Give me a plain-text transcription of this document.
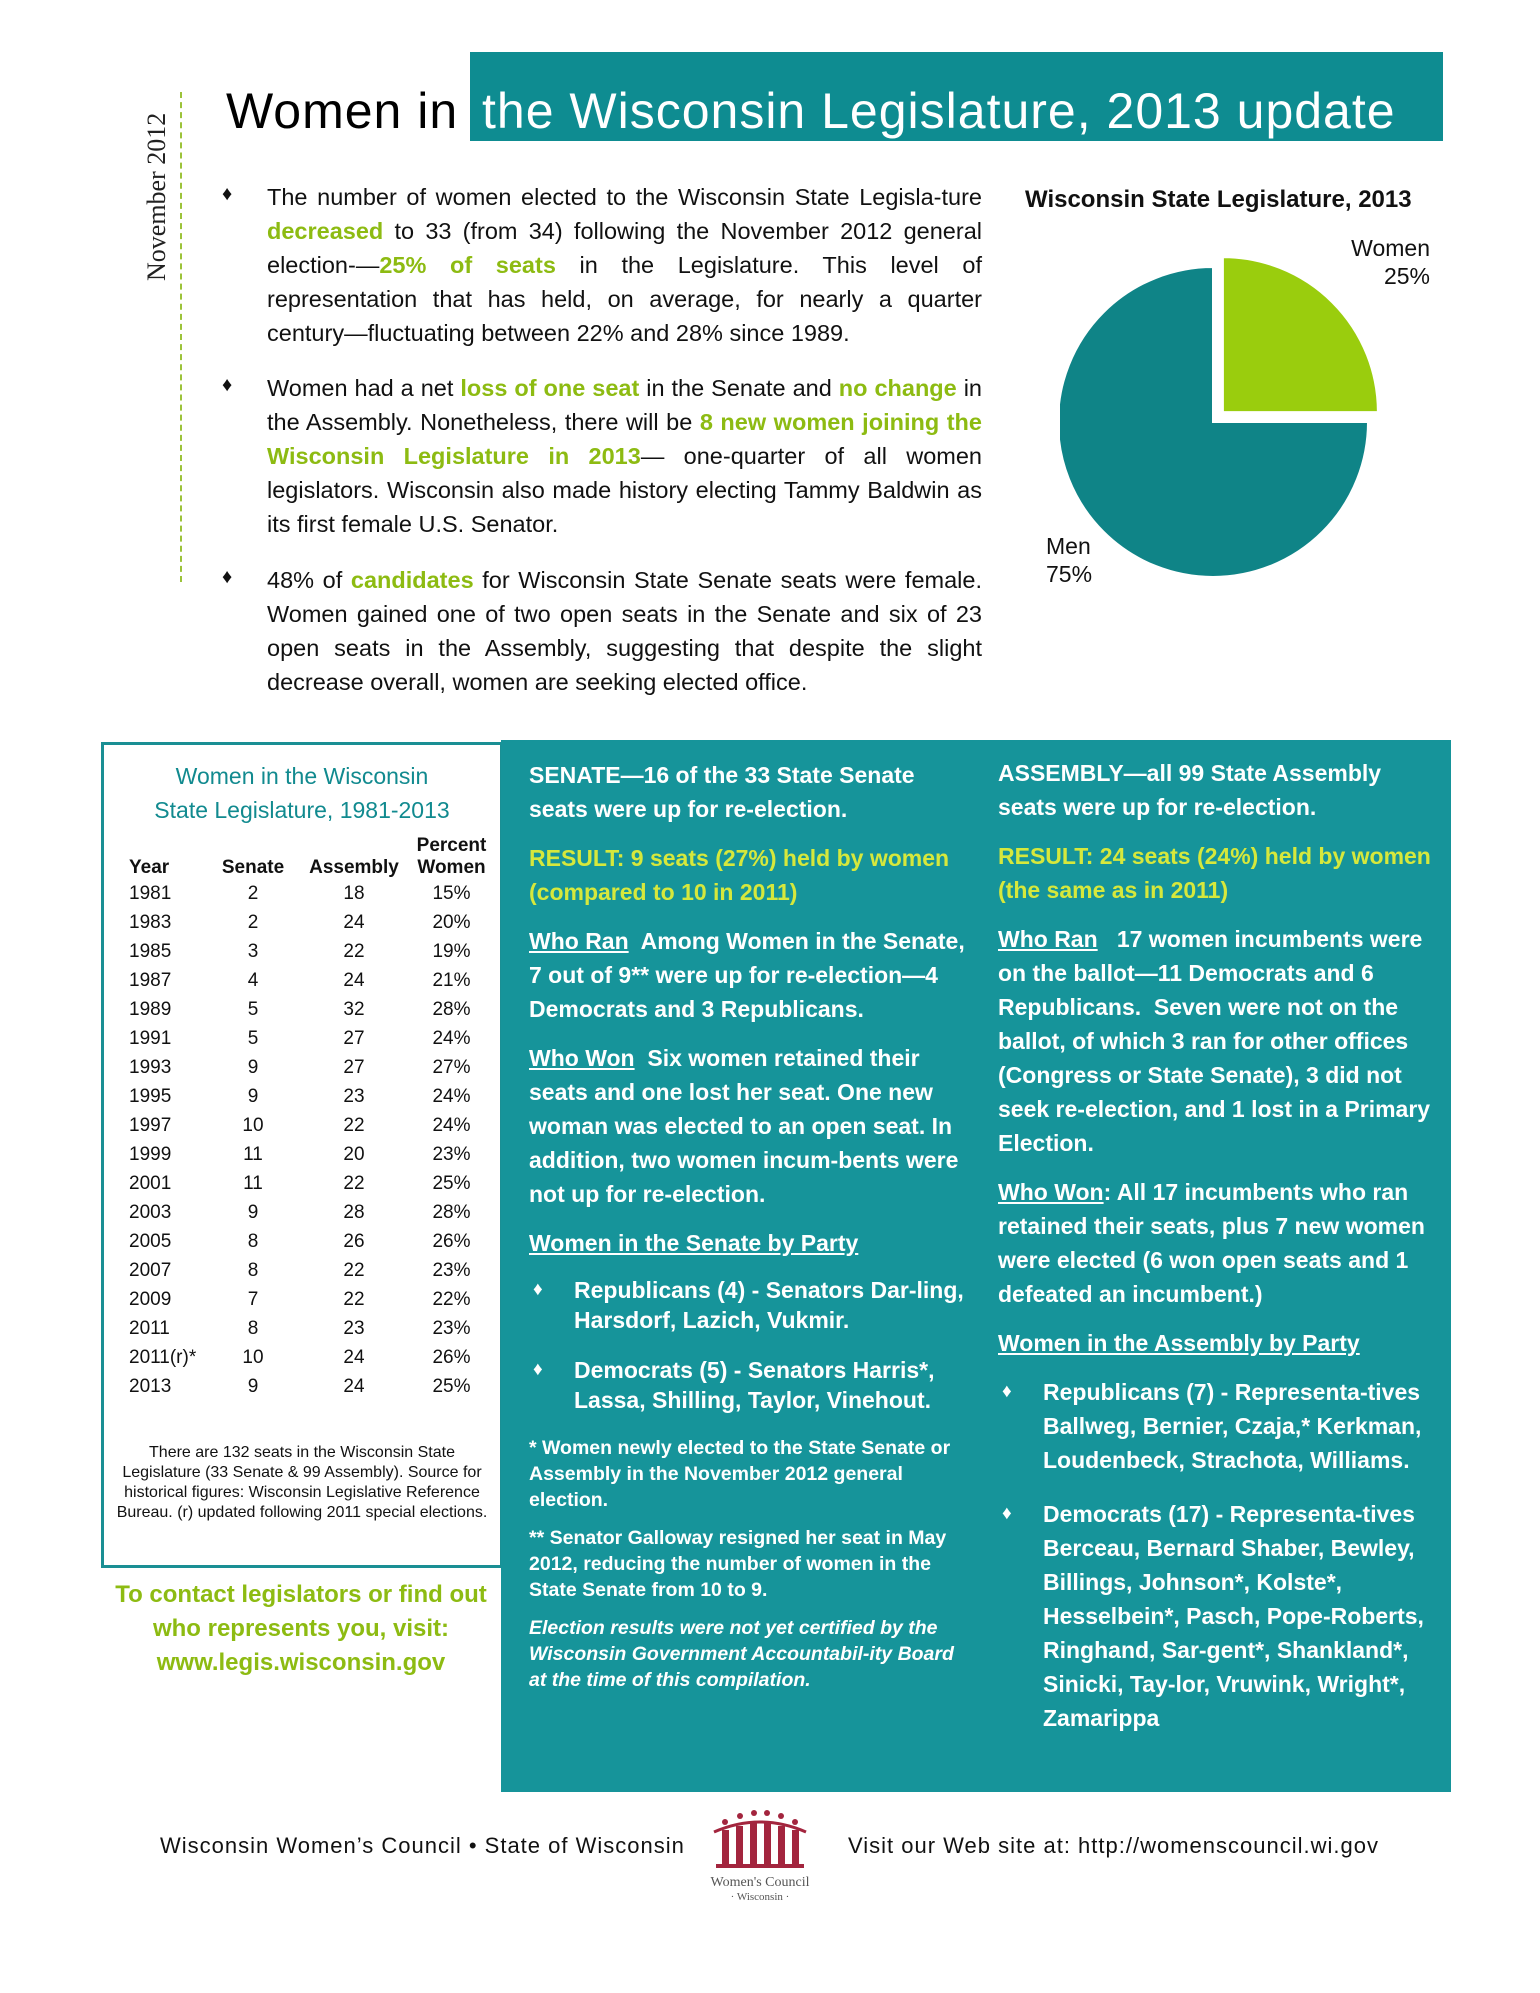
November 2012
Women in the Wisconsin Legislature, 2013 update
♦ The number of women elected to the Wisconsin State Legisla-ture decreased to 33 (from 34) following the November 2012 general election-—25% of seats in the Legislature. This level of representation that has held, on average, for nearly a quarter century—fluctuating between 22% and 28% since 1989.

♦ Women had a net loss of one seat in the Senate and no change in the Assembly. Nonetheless, there will be 8 new women joining the Wisconsin Legislature in 2013— one-quarter of all women legislators. Wisconsin also made history electing Tammy Baldwin as its first female U.S. Senator.

♦ 48% of candidates for Wisconsin State Senate seats were female. Women gained one of two open seats in the Senate and six of 23 open seats in the Assembly, suggesting that despite the slight decrease overall, women are seeking elected office.

Wisconsin State Legislature, 2013
Women
25%
Men
75%
Women in the Wisconsin
State Legislature, 1981-2013
Year	Senate	Assembly	Percent Women
1981	2	18	15%
1983	2	24	20%
1985	3	22	19%
1987	4	24	21%
1989	5	32	28%
1991	5	27	24%
1993	9	27	27%
1995	9	23	24%
1997	10	22	24%
1999	11	20	23%
2001	11	22	25%
2003	9	28	28%
2005	8	26	26%
2007	8	22	23%
2009	7	22	22%
2011	8	23	23%
2011(r)*	10	24	26%
2013	9	24	25%
There are 132 seats in the Wisconsin State Legislature (33 Senate & 99 Assembly). Source for historical figures: Wisconsin Legislative Reference Bureau. (r) updated following 2011 special elections.
To contact legislators or find out who represents you, visit: www.legis.wisconsin.gov

SENATE—16 of the 33 State Senate seats were up for re-election.

RESULT: 9 seats (27%) held by women (compared to 10 in 2011)

Who Ran  Among Women in the Senate,  7 out of 9** were up for re-election—4 Democrats and 3 Republicans.

Who Won  Six women retained their seats and one lost her seat. One new woman was elected to an open seat. In addition, two women incum-bents were not up for re-election.

Women in the Senate by Party

♦ Republicans (4) - Senators Dar-ling, Harsdorf, Lazich, Vukmir.
♦ Democrats (5) - Senators Harris*, Lassa, Shilling, Taylor, Vinehout.

* Women newly elected to the State Senate or Assembly in the November 2012 general election.

** Senator Galloway resigned her seat in May 2012, reducing the number of women in the State Senate from 10 to 9.

Election results were not yet certified by the Wisconsin Government Accountabil-ity Board at the time of this compilation.

ASSEMBLY—all 99 State Assembly seats were up for re-election.

RESULT: 24 seats (24%) held by women (the same as in 2011)

Who Ran   17 women incumbents were on the ballot—11 Democrats and 6 Republicans.  Seven were not on the ballot, of which 3 ran for other offices (Congress or State Senate), 3 did not seek re-election, and 1 lost in a Primary Election.

Who Won: All 17 incumbents who ran retained their seats, plus 7 new women were elected (6 won open seats and 1 defeated an incumbent.)

Women in the Assembly by Party

♦ Republicans (7) - Representa-tives Ballweg, Bernier, Czaja,* Kerkman, Loudenbeck, Strachota, Williams.
♦ Democrats (17) - Representa-tives Berceau, Bernard Shaber, Bewley, Billings, Johnson*, Kolste*, Hesselbein*, Pasch, Pope-Roberts, Ringhand, Sar-gent*, Shankland*, Sinicki, Tay-lor, Vruwink, Wright*, Zamarippa
Wisconsin Women’s Council • State of Wisconsin
Women's Council
· Wisconsin ·
Visit our Web site at: http://womenscouncil.wi.gov
